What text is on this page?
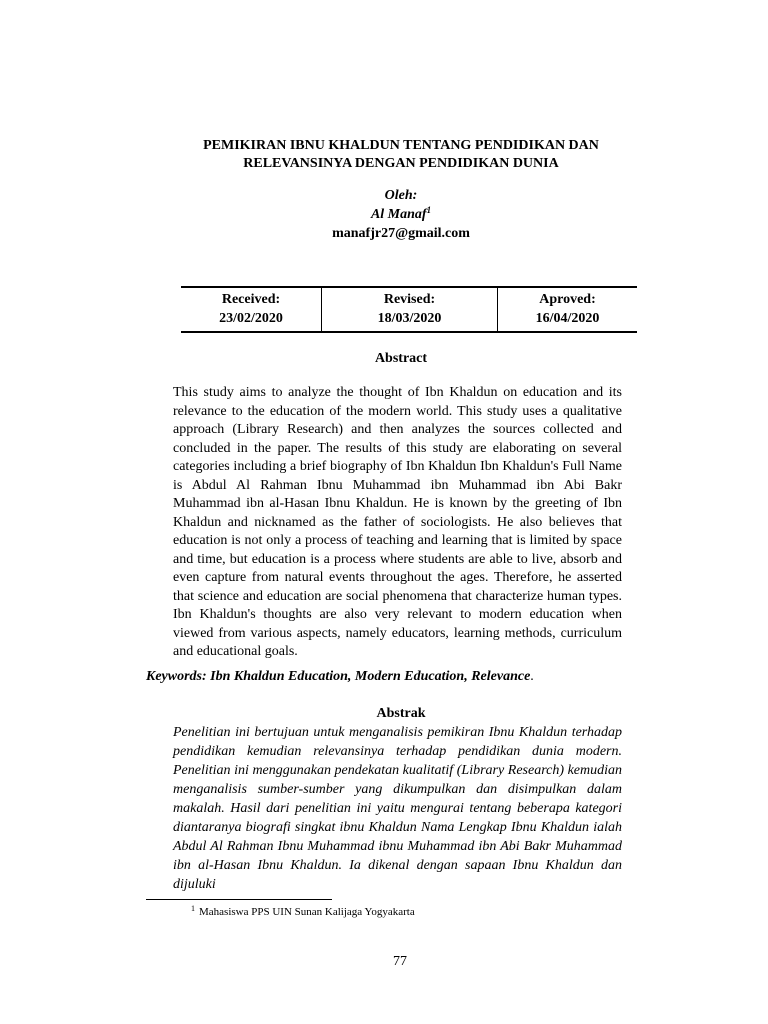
PEMIKIRAN IBNU KHALDUN TENTANG PENDIDIKAN DAN
RELEVANSINYA DENGAN PENDIDIKAN DUNIA
Oleh:
Al Manaf$^1$
manafjr27@gmail.com
Received:
23/02/2020
Revised:
18/03/2020
Aproved:
16/04/2020
Abstract
This study aims to analyze the thought of Ibn Khaldun on education and its relevance to the education of the modern world. This study uses a qualitative approach (Library Research) and then analyzes the sources collected and concluded in the paper. The results of this study are elaborating on several categories including a brief biography of Ibn Khaldun Ibn Khaldun's Full Name is Abdul Al Rahman Ibnu Muhammad ibn Muhammad ibn Abi Bakr Muhammad ibn al-Hasan Ibnu Khaldun. He is known by the greeting of Ibn Khaldun and nicknamed as the father of sociologists. He also believes that education is not only a process of teaching and learning that is limited by space and time, but education is a process where students are able to live, absorb and even capture from natural events throughout the ages. Therefore, he asserted that science and education are social phenomena that characterize human types. Ibn Khaldun's thoughts are also very relevant to modern education when viewed from various aspects, namely educators, learning methods, curriculum and educational goals.
Keywords: Ibn Khaldun Education, Modern Education, Relevance.
Abstrak
Penelitian ini bertujuan untuk menganalisis pemikiran Ibnu Khaldun terhadap pendidikan kemudian relevansinya terhadap pendidikan dunia modern. Penelitian ini menggunakan pendekatan kualitatif (Library Research) kemudian menganalisis sumber-sumber yang dikumpulkan dan disimpulkan dalam makalah. Hasil dari penelitian ini yaitu mengurai tentang beberapa kategori diantaranya biografi singkat ibnu Khaldun Nama Lengkap Ibnu Khaldun ialah Abdul Al Rahman Ibnu Muhammad ibnu Muhammad ibn Abi Bakr Muhammad ibn al-Hasan Ibnu Khaldun. Ia dikenal dengan sapaan Ibnu Khaldun dan dijuluki
$^1$ Mahasiswa PPS UIN Sunan Kalijaga Yogyakarta
77
